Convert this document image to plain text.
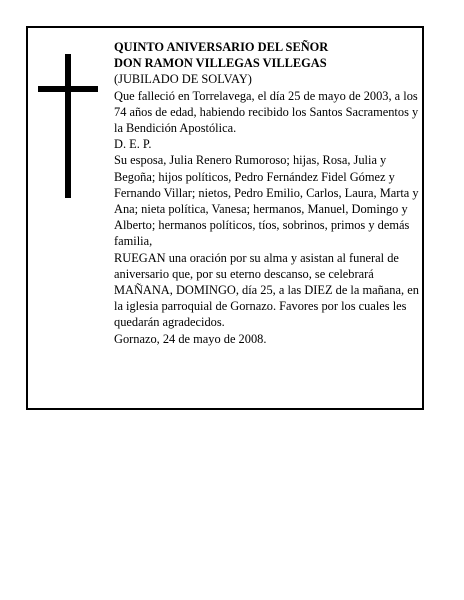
QUINTO ANIVERSARIO DEL SEÑOR

DON RAMON VILLEGAS VILLEGAS

(JUBILADO DE SOLVAY)

Que falleció en Torrelavega, el día 25 de mayo de 2003, a los 74 años de edad, habiendo recibido los Santos Sacramentos y la Bendición Apostólica.

D. E. P.

Su esposa, Julia Renero Rumoroso; hijas, Rosa, Julia y Begoña; hijos políticos, Pedro Fernández Fidel Gómez y Fernando Villar; nietos, Pedro Emilio, Carlos, Laura, Marta y Ana; nieta política, Vanesa; hermanos, Manuel, Domingo y Alberto; hermanos políticos, tíos, sobrinos, primos y demás familia,

RUEGAN una oración por su alma y asistan al funeral de aniversario que, por su eterno descanso, se celebrará MAÑANA, DOMINGO, día 25, a las DIEZ de la mañana, en la iglesia parroquial de Gornazo. Favores por los cuales les quedarán agradecidos.

Gornazo, 24 de mayo de 2008.
